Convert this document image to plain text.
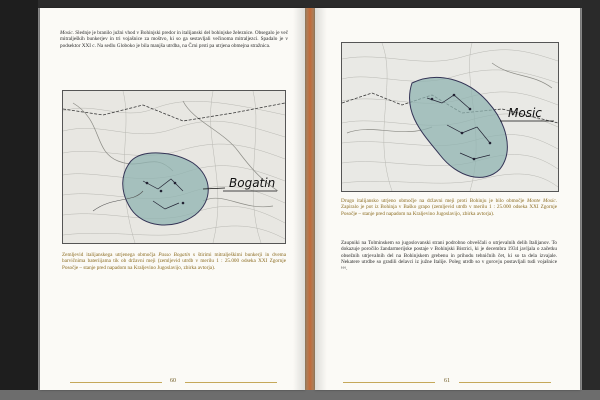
Mosic. Slednje je branilo južni vhod v Bohinjski predor in italijanski del bohinjske železnice. Obsegalo je več mitraljeških bunkerjev in tri vojašnice za moštvo, ki so ga sestavljali večinoma mitraljezci. Spadalo je v podsektor XXI c. Na sedlu Globoko je bila manjša utrdba, na Črni prsti pa utrjena obmejna stražnica.

Bogatin

Zemljevid italijanskega utrjenega območja Passo Bogatin s štirimi mitralješkimi bunkerji in dvema barvičnima bateriijama tik ob državni meji (zemljevid utrdb v merilu 1 : 25.000 odseka XXI Zgornje Posočje – stanje pred napadom na Kraljevino Jugoslavijo, zbirka avtorja).

60
Mosic

Drugo italijansko utrjeno območje na državni meji proti Bohinju je bilo območje Monte Mosic. Zapiralo je pot iz Bohinja v Baško grapo (zemljevid utrdb v merilu 1 : 25.000 odseka XXI Zgornje Posočje – stanje pred napadom na Kraljevino Jugoslavijo, zbirka avtorja).

Zaupniki na Tolminskem so jugoslovanski strani podrobno obveščali o utrjevalnih delih Italijanov. To dokazuje poročilo žandarmerijske postaje v Bohinjski Bistrici, ki je decembra 1934 javljala o začetku obsežnih utrjevalnih del na Bohinjskem grebenu in prihodu tehničnih čet, ki so ta dela izvajale. Nekatere utrdbe so gradili delavci iz južne Italije. Poleg utrdb so v gorovju postavljali tudi vojašnice ¹⁶⁶.

61
